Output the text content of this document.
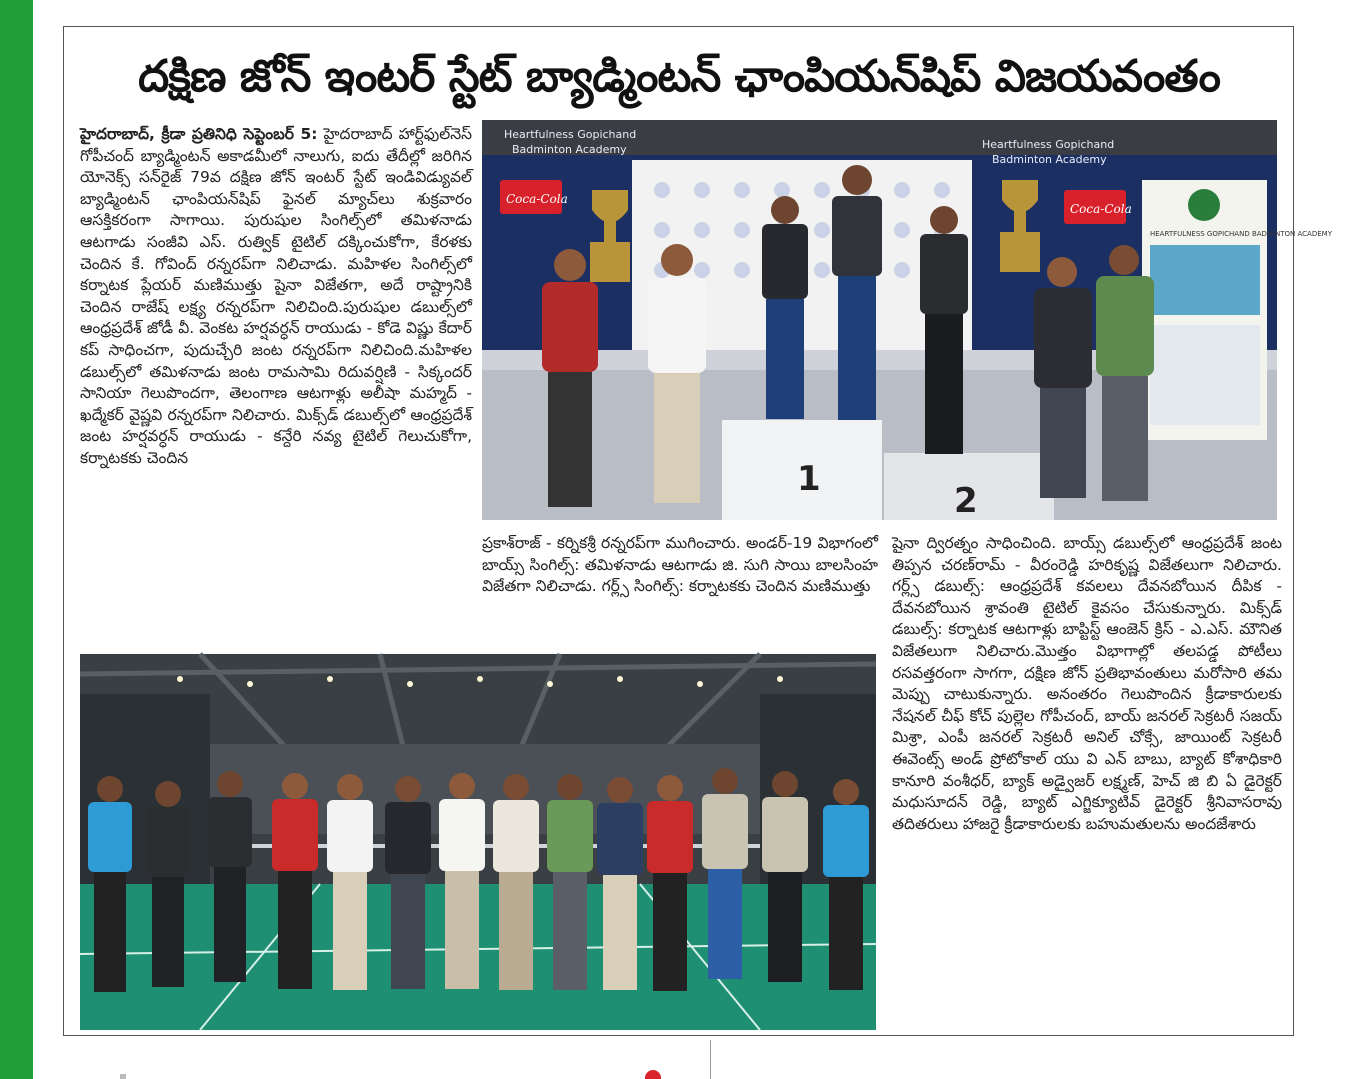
దక్షిణ జోన్ ఇంటర్ స్టేట్ బ్యాడ్మింటన్ ఛాంపియన్‌షిప్ విజయవంతం

హైదరాబాద్, క్రీడా ప్రతినిధి సెప్టెంబర్ 5: హైదరాబాద్ హార్ట్‌ఫుల్‌నెస్ గోపీచంద్ బ్యాడ్మింటన్ అకాడమీలో నాలుగు, ఐదు తేదీల్లో జరిగిన యోనెక్స్ సన్‌రైజ్ 79వ దక్షిణ జోన్ ఇంటర్ స్టేట్ ఇండివిడ్యువల్ బ్యాడ్మింటన్ ఛాంపియన్‌షిప్ ఫైనల్ మ్యాచ్‌లు శుక్రవారం ఆసక్తికరంగా సాగాయి. పురుషుల సింగిల్స్‌లో తమిళనాడు ఆటగాడు సంజీవి ఎస్. రుత్విక్ టైటిల్ దక్కించుకోగా, కేరళకు చెందిన కే. గోవింద్ రన్నరప్‌గా నిలిచాడు. మహిళల సింగిల్స్‌లో కర్నాటక ప్లేయర్ మణిముత్తు షైనా విజేతగా, అదే రాష్ట్రానికి చెందిన రాజేష్ లక్ష్య రన్నరప్‌గా నిలిచింది.పురుషుల డబుల్స్‌లో ఆంధ్రప్రదేశ్ జోడీ వీ. వెంకట హర్షవర్ధన్ రాయుడు - కోడె విష్ణు కేదార్ కప్ సాధించగా, పుదుచ్చేరి జంట రన్నరప్‌గా నిలిచింది.మహిళల డబుల్స్‌లో తమిళనాడు జంట రామసామి రిదువర్షిణి - సిక్కందర్ సానియా గెలుపొందగా, తెలంగాణ ఆటగాళ్లు అలీషా మహ్మద్ - ఖద్మేకర్ వైష్ణవి రన్నరప్‌గా నిలిచారు. మిక్స్‌డ్ డబుల్స్‌లో ఆంధ్రప్రదేశ్ జంట హర్షవర్ధన్ రాయుడు - కన్దేరి నవ్య టైటిల్ గెలుచుకోగా, కర్నాటకకు చెందిన

Heartfulness Gopichand
Badminton Academy	Heartfulness Gopichand
Badminton Academy
Coca-Cola
Coca-Cola
HEARTFULNESS GOPICHAND BADMINTON ACADEMY
1
2

ప్రకాశ్‌రాజ్ - కర్నికశ్రీ రన్నరప్‌గా ముగించారు. అండర్-19 విభాగంలో బాయ్స్ సింగిల్స్: తమిళనాడు ఆటగాడు జి. సుగి సాయి బాలసింహ విజేతగా నిలిచాడు. గర్ల్స్ సింగిల్స్: కర్నాటకకు చెందిన మణిముత్తు

షైనా ద్విరత్నం సాధించింది. బాయ్స్ డబుల్స్‌లో ఆంధ్రప్రదేశ్ జంట తిప్పన చరణ్‌రామ్ - వీరంరెడ్డి హరికృష్ణ విజేతలుగా నిలిచారు. గర్ల్స్ డబుల్స్: ఆంధ్రప్రదేశ్ కవలలు దేవనబోయిన దీపిక - దేవనబోయిన శ్రావంతి టైటిల్ కైవసం చేసుకున్నారు. మిక్స్‌డ్ డబుల్స్: కర్నాటక ఆటగాళ్లు బాప్టిస్ట్ ఆంజెన్ క్రిస్ - ఎ.ఎస్. మౌనిత విజేతలుగా నిలిచారు.మొత్తం విభాగాల్లో తలపడ్డ పోటీలు రసవత్తరంగా సాగగా, దక్షిణ జోన్ ప్రతిభావంతులు మరోసారి తమ మెప్పు చాటుకున్నారు. అనంతరం గెలుపొందిన క్రీడాకారులకు నేషనల్ చీఫ్ కోచ్ పుల్లెల గోపీచంద్, బాయ్ జనరల్ సెక్రటరీ సజయ్ మిశ్రా, ఎంపీ జనరల్ సెక్రటరీ అనిల్ చోక్సే, జాయింట్ సెక్రటరీ ఈవెంట్స్ అండ్ ప్రోటోకాల్ యు వి ఎన్ బాబు, బ్యాట్ కోశాధికారి కానూరి వంశీధర్, బ్యాక్ అడ్వైజర్ లక్ష్మణ్, హెచ్ జి బి ఏ డైరెక్టర్ మధుసూదన్ రెడ్డి, బ్యాట్ ఎగ్జిక్యూటివ్ డైరెక్టర్ శ్రీనివాసరావు తదితరులు హాజరై క్రీడాకారులకు బహుమతులను అందజేశారు
